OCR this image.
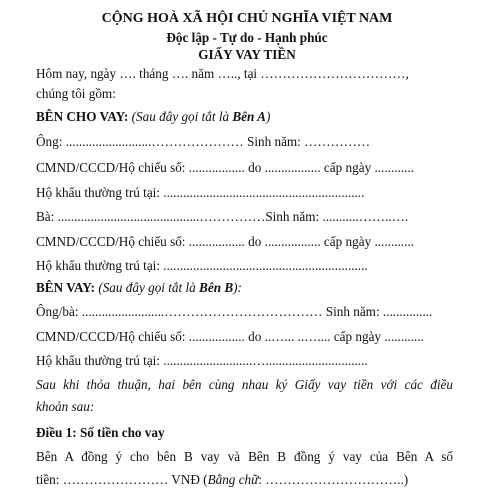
CỘNG HOÀ XÃ HỘI CHỦ NGHĨA VIỆT NAM
Độc lập - Tự do - Hạnh phúc
GIẤY VAY TIỀN
Hôm nay, ngày …. tháng …. năm ….., tại ……………………………,
chúng tôi gồm:
BÊN CHO VAY: (Sau đây gọi tắt là Bên A)
Ông: ..........................………………… Sinh năm: ……………
CMND/CCCD/Hộ chiếu số: ................. do ................. cấp ngày ............
Hộ khẩu thường trú tại: .............................................................
Bà: ...........................................……………Sinh năm: ...........……..….
CMND/CCCD/Hộ chiếu số: ................. do ................. cấp ngày ............
Hộ khẩu thường trú tại: ..............................................................
BÊN VAY: (Sau đây gọi tắt là Bên B):
Ông/bà: .........................……………………………… Sinh năm: ...............
CMND/CCCD/Hộ chiếu số: ................. do ..…... ..….... cấp ngày ............
Hộ khẩu thường trú tại: ...........................…...............................
Sau khi thỏa thuận, hai bên cùng nhau ký Giấy vay tiền với các điều
khoản sau:
Điều 1: Số tiền cho vay
Bên A đồng ý cho bên B vay và Bên B đồng ý vay của Bên A số
tiền: …………………… VNĐ (Bằng chữ: …………………………..)
